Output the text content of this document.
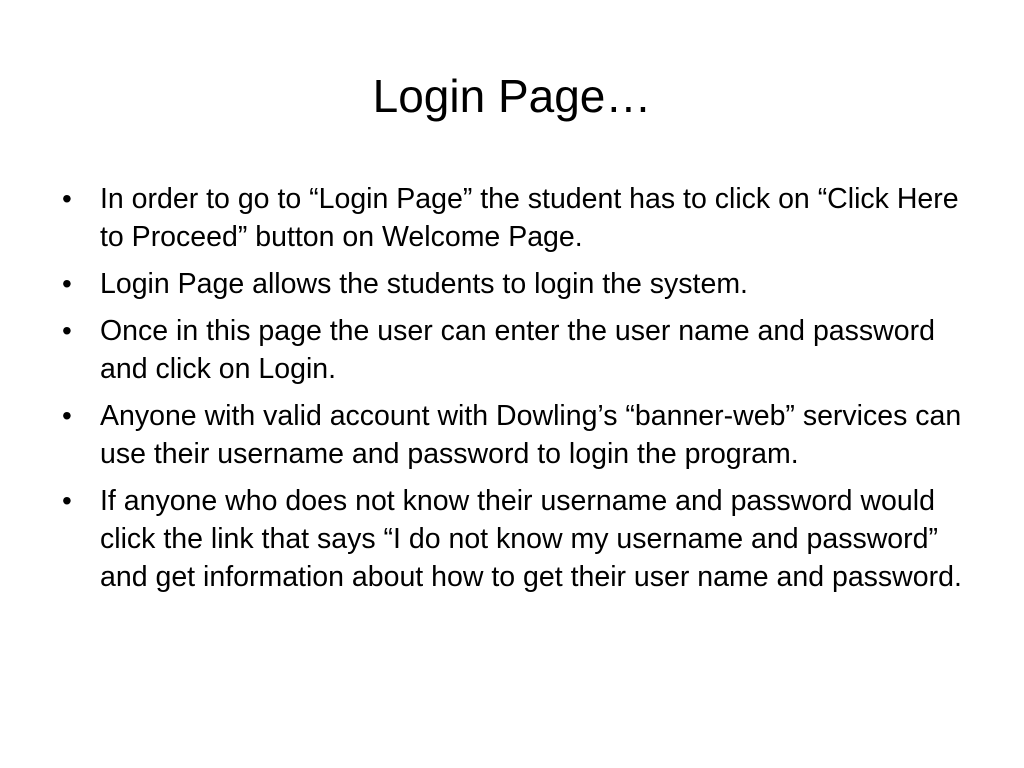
Login Page…
• In order to go to “Login Page” the student has to click on “Click Here to Proceed” button on Welcome Page.
• Login Page allows the students to login the system.
• Once in this page the user can enter the user name and password and click on Login.
• Anyone with valid account with Dowling’s “banner-web” services can use their username and password to login the program.
• If anyone who does not know their username and password would click the link that says “I do not know my username and password” and get information about how to get their user name and password.
